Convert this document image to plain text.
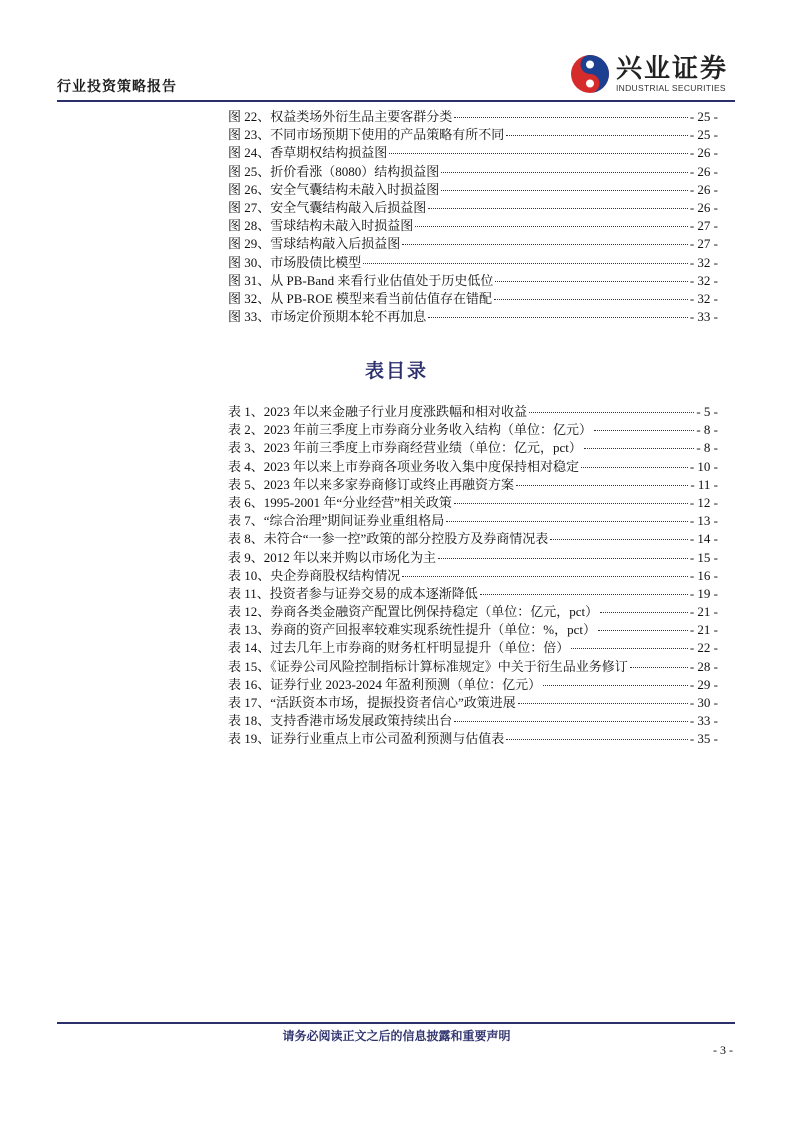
行业投资策略报告
兴业证券
INDUSTRIAL SECURITIES
图 22、权益类场外衍生品主要客群分类	- 25 -
图 23、不同市场预期下使用的产品策略有所不同	- 25 -
图 24、香草期权结构损益图	- 26 -
图 25、折价看涨（8080）结构损益图	- 26 -
图 26、安全气囊结构未敲入时损益图	- 26 -
图 27、安全气囊结构敲入后损益图	- 26 -
图 28、雪球结构未敲入时损益图	- 27 -
图 29、雪球结构敲入后损益图	- 27 -
图 30、市场股债比模型	- 32 -
图 31、从 PB-Band 来看行业估值处于历史低位	- 32 -
图 32、从 PB-ROE 模型来看当前估值存在错配	- 32 -
图 33、市场定价预期本轮不再加息	- 33 -
表目录
表 1、2023 年以来金融子行业月度涨跌幅和相对收益	- 5 -
表 2、2023 年前三季度上市券商分业务收入结构（单位：亿元）	- 8 -
表 3、2023 年前三季度上市券商经营业绩（单位：亿元，pct）	- 8 -
表 4、2023 年以来上市券商各项业务收入集中度保持相对稳定	- 10 -
表 5、2023 年以来多家券商修订或终止再融资方案	- 11 -
表 6、1995-2001 年“分业经营”相关政策	- 12 -
表 7、“综合治理”期间证券业重组格局	- 13 -
表 8、未符合“一参一控”政策的部分控股方及券商情况表	- 14 -
表 9、2012 年以来并购以市场化为主	- 15 -
表 10、央企券商股权结构情况	- 16 -
表 11、投资者参与证券交易的成本逐渐降低	- 19 -
表 12、券商各类金融资产配置比例保持稳定（单位：亿元，pct）	- 21 -
表 13、券商的资产回报率较难实现系统性提升（单位：%，pct）	- 21 -
表 14、过去几年上市券商的财务杠杆明显提升（单位：倍）	- 22 -
表 15、《证券公司风险控制指标计算标准规定》中关于衍生品业务修订	- 28 -
表 16、证券行业 2023-2024 年盈利预测（单位：亿元）	- 29 -
表 17、“活跃资本市场，提振投资者信心”政策进展	- 30 -
表 18、支持香港市场发展政策持续出台	- 33 -
表 19、证券行业重点上市公司盈利预测与估值表	- 35 -
请务必阅读正文之后的信息披露和重要声明
- 3 -
